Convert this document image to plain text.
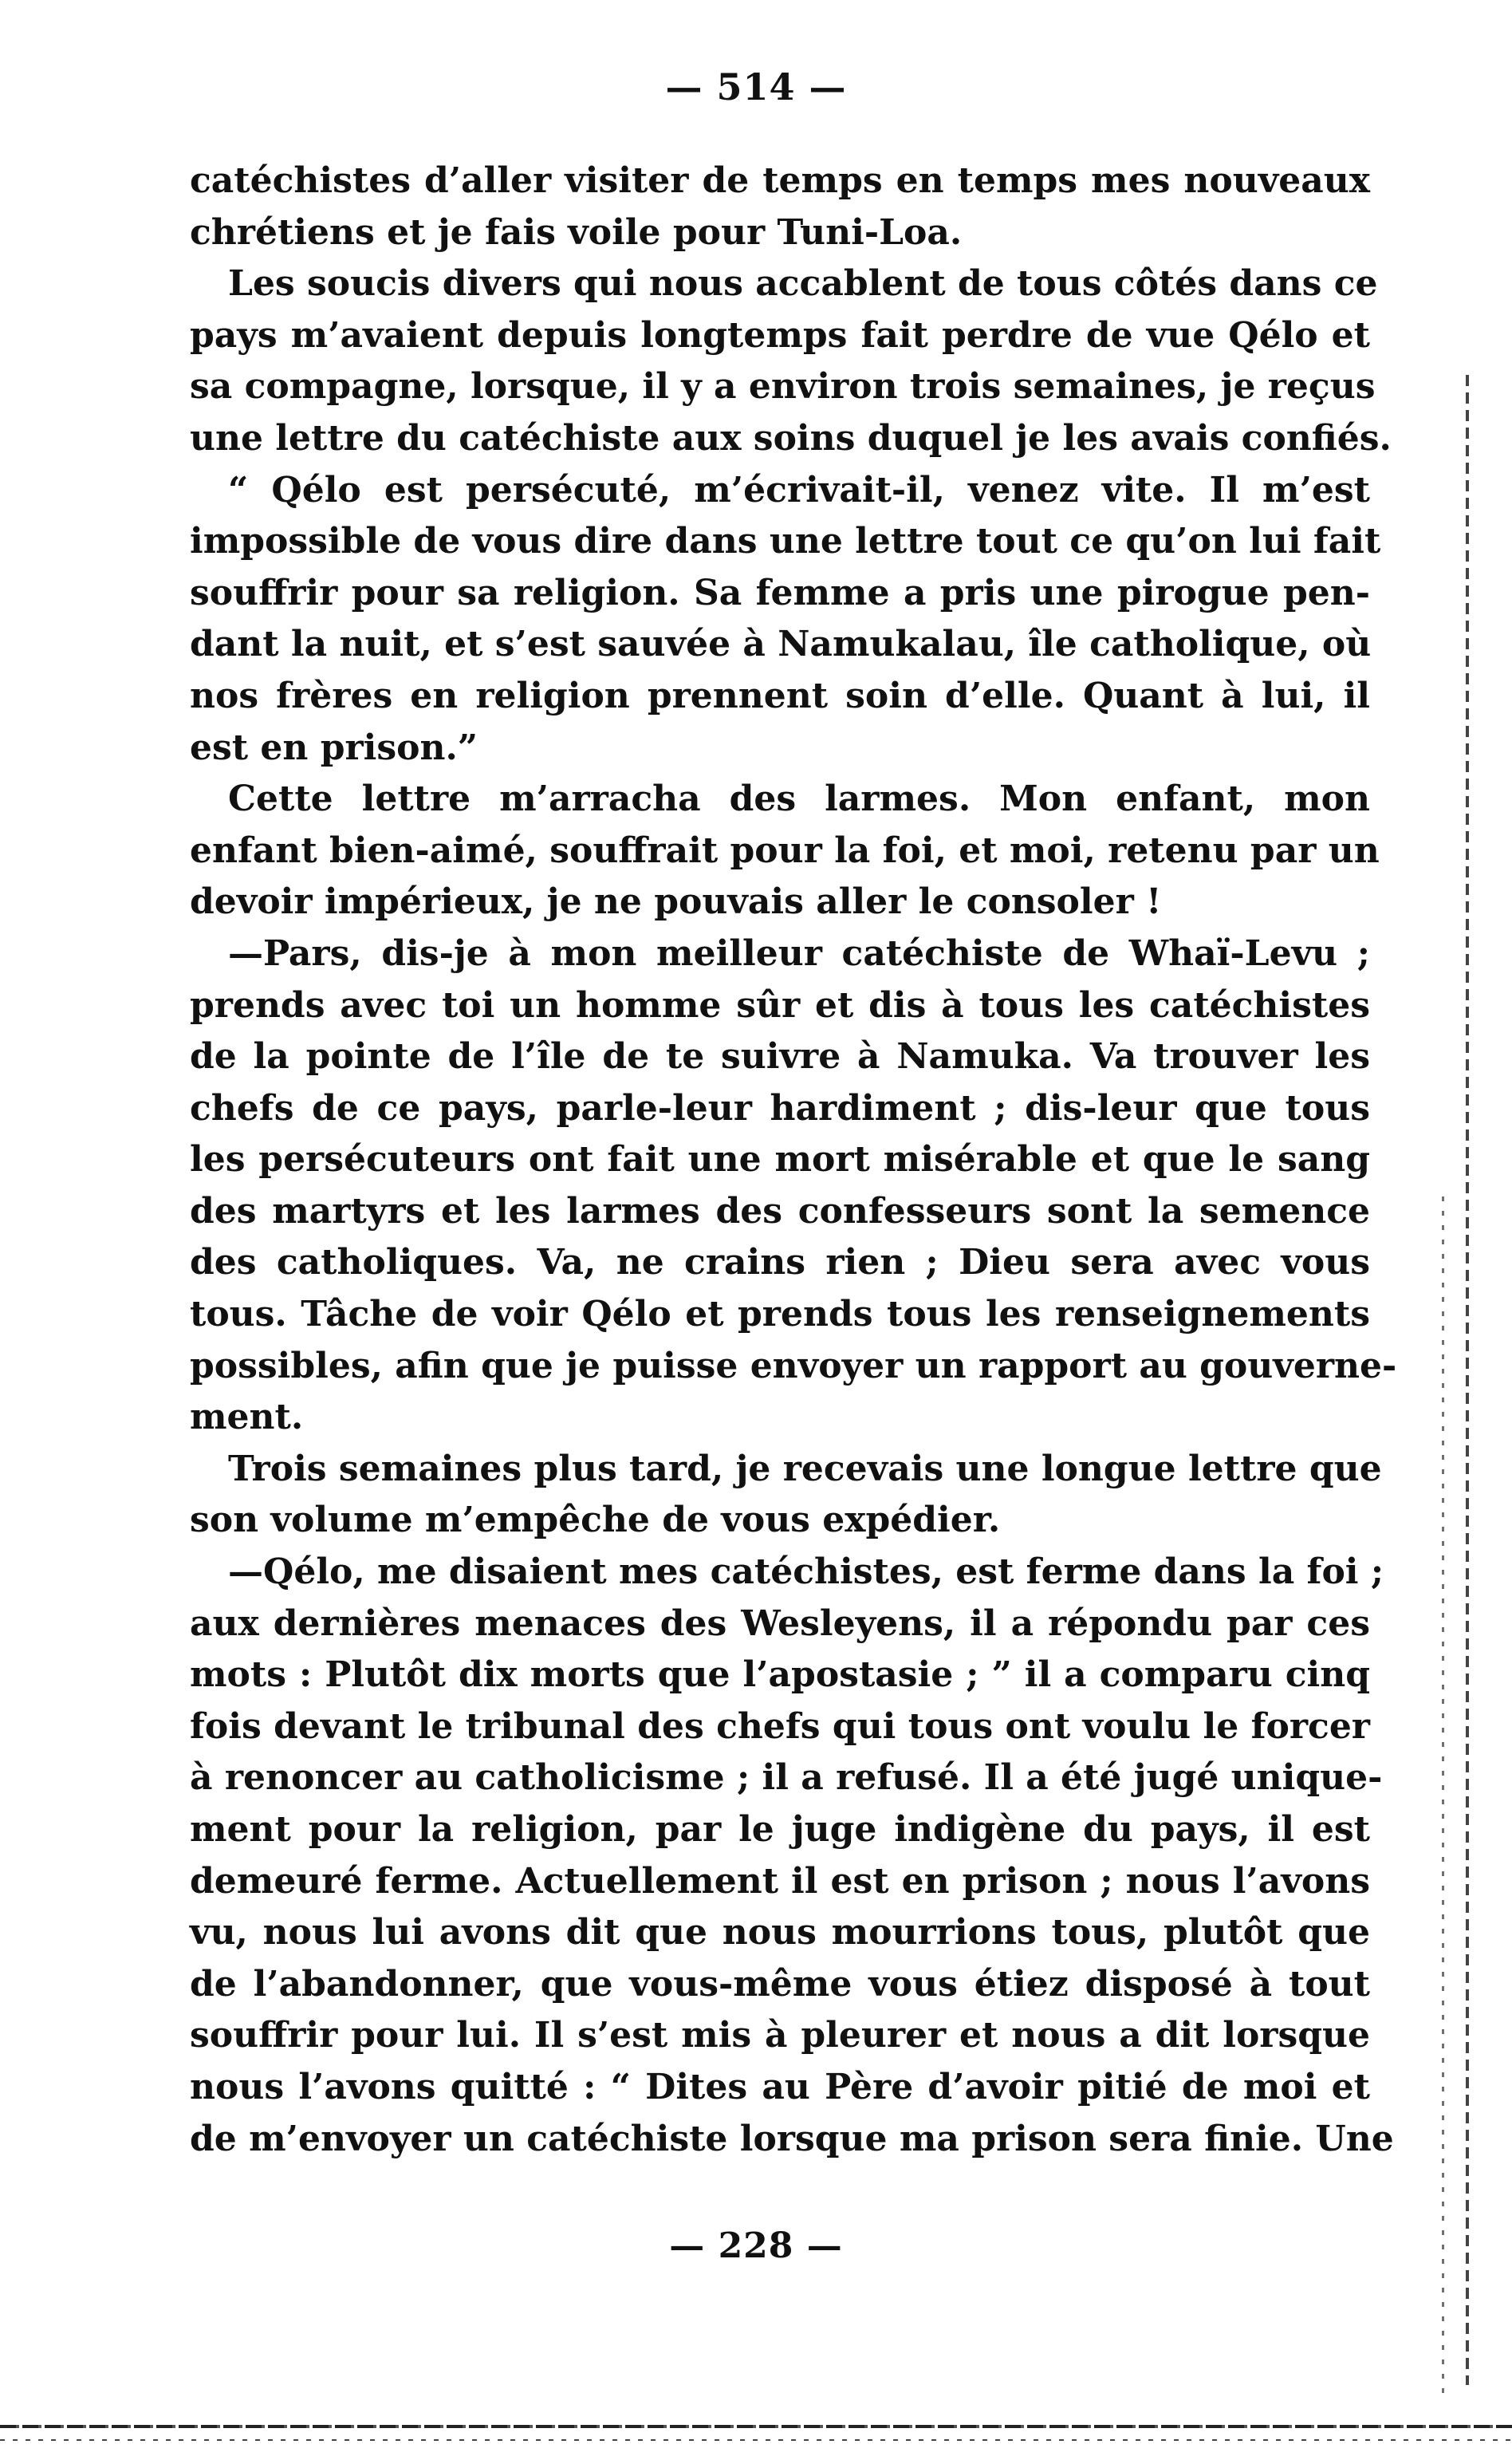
— 514 —
catéchistes d’aller visiter de temps en temps mes nouveaux
chrétiens et je fais voile pour Tuni-Loa.
Les soucis divers qui nous accablent de tous côtés dans ce
pays m’avaient depuis longtemps fait perdre de vue Qélo et
sa compagne, lorsque, il y a environ trois semaines, je reçus
une lettre du catéchiste aux soins duquel je les avais confiés.
“ Qélo est persécuté, m’écrivait-il, venez vite. Il m’est
impossible de vous dire dans une lettre tout ce qu’on lui fait
souffrir pour sa religion. Sa femme a pris une pirogue pen-
dant la nuit, et s’est sauvée à Namukalau, île catholique, où
nos frères en religion prennent soin d’elle. Quant à lui, il
est en prison.”
Cette lettre m’arracha des larmes. Mon enfant, mon
enfant bien-aimé, souffrait pour la foi, et moi, retenu par un
devoir impérieux, je ne pouvais aller le consoler !
—Pars, dis-je à mon meilleur catéchiste de Whaï-Levu ;
prends avec toi un homme sûr et dis à tous les catéchistes
de la pointe de l’île de te suivre à Namuka. Va trouver les
chefs de ce pays, parle-leur hardiment ; dis-leur que tous
les persécuteurs ont fait une mort misérable et que le sang
des martyrs et les larmes des confesseurs sont la semence
des catholiques. Va, ne crains rien ; Dieu sera avec vous
tous. Tâche de voir Qélo et prends tous les renseignements
possibles, afin que je puisse envoyer un rapport au gouverne-
ment.
Trois semaines plus tard, je recevais une longue lettre que
son volume m’empêche de vous expédier.
—Qélo, me disaient mes catéchistes, est ferme dans la foi ;
aux dernières menaces des Wesleyens, il a répondu par ces
mots : Plutôt dix morts que l’apostasie ; ” il a comparu cinq
fois devant le tribunal des chefs qui tous ont voulu le forcer
à renoncer au catholicisme ; il a refusé. Il a été jugé unique-
ment pour la religion, par le juge indigène du pays, il est
demeuré ferme. Actuellement il est en prison ; nous l’avons
vu, nous lui avons dit que nous mourrions tous, plutôt que
de l’abandonner, que vous-même vous étiez disposé à tout
souffrir pour lui. Il s’est mis à pleurer et nous a dit lorsque
nous l’avons quitté : “ Dites au Père d’avoir pitié de moi et
de m’envoyer un catéchiste lorsque ma prison sera finie. Une
— 228 —
